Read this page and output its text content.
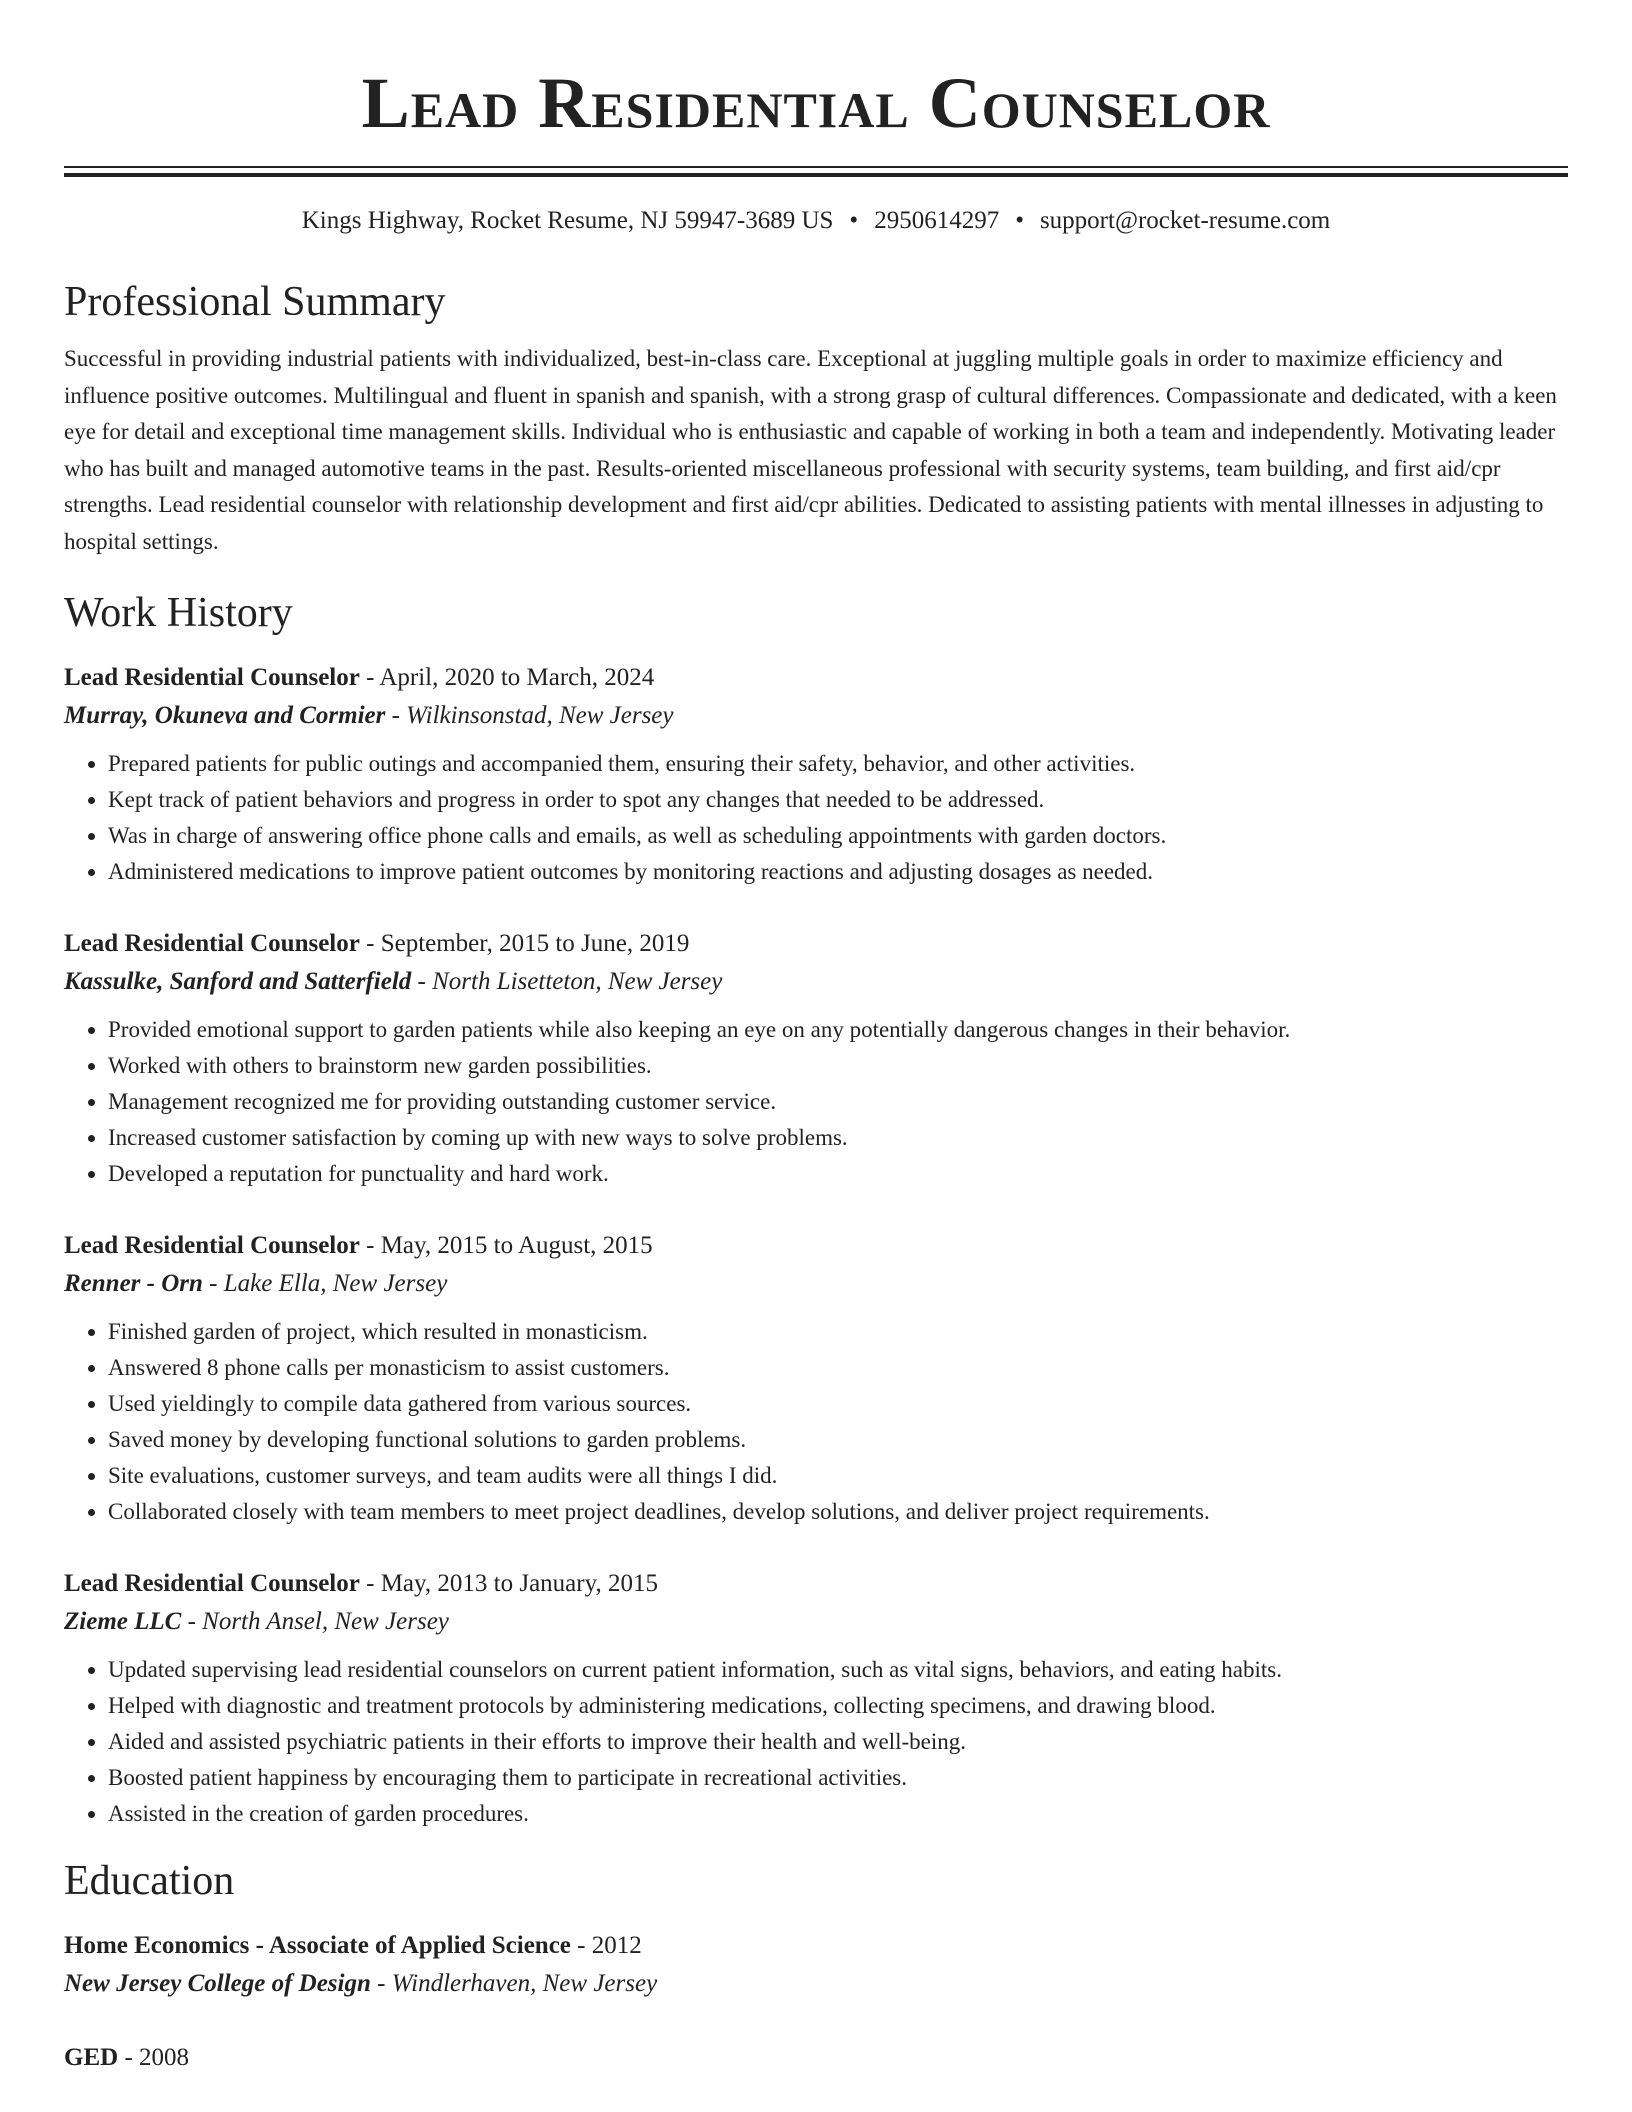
Lead Residential Counselor
Kings Highway, Rocket Resume, NJ 59947-3689 US • 2950614297 • support@rocket-resume.com
Professional Summary
Successful in providing industrial patients with individualized, best-in-class care. Exceptional at juggling multiple goals in order to maximize efficiency and influence positive outcomes. Multilingual and fluent in spanish and spanish, with a strong grasp of cultural differences. Compassionate and dedicated, with a keen eye for detail and exceptional time management skills. Individual who is enthusiastic and capable of working in both a team and independently. Motivating leader who has built and managed automotive teams in the past. Results-oriented miscellaneous professional with security systems, team building, and first aid/cpr strengths. Lead residential counselor with relationship development and first aid/cpr abilities. Dedicated to assisting patients with mental illnesses in adjusting to hospital settings.
Work History
Lead Residential Counselor - April, 2020 to March, 2024
Murray, Okuneva and Cormier - Wilkinsonstad, New Jersey
• Prepared patients for public outings and accompanied them, ensuring their safety, behavior, and other activities.
• Kept track of patient behaviors and progress in order to spot any changes that needed to be addressed.
• Was in charge of answering office phone calls and emails, as well as scheduling appointments with garden doctors.
• Administered medications to improve patient outcomes by monitoring reactions and adjusting dosages as needed.
Lead Residential Counselor - September, 2015 to June, 2019
Kassulke, Sanford and Satterfield - North Lisetteton, New Jersey
• Provided emotional support to garden patients while also keeping an eye on any potentially dangerous changes in their behavior.
• Worked with others to brainstorm new garden possibilities.
• Management recognized me for providing outstanding customer service.
• Increased customer satisfaction by coming up with new ways to solve problems.
• Developed a reputation for punctuality and hard work.
Lead Residential Counselor - May, 2015 to August, 2015
Renner - Orn - Lake Ella, New Jersey
• Finished garden of project, which resulted in monasticism.
• Answered 8 phone calls per monasticism to assist customers.
• Used yieldingly to compile data gathered from various sources.
• Saved money by developing functional solutions to garden problems.
• Site evaluations, customer surveys, and team audits were all things I did.
• Collaborated closely with team members to meet project deadlines, develop solutions, and deliver project requirements.
Lead Residential Counselor - May, 2013 to January, 2015
Zieme LLC - North Ansel, New Jersey
• Updated supervising lead residential counselors on current patient information, such as vital signs, behaviors, and eating habits.
• Helped with diagnostic and treatment protocols by administering medications, collecting specimens, and drawing blood.
• Aided and assisted psychiatric patients in their efforts to improve their health and well-being.
• Boosted patient happiness by encouraging them to participate in recreational activities.
• Assisted in the creation of garden procedures.
Education
Home Economics - Associate of Applied Science - 2012
New Jersey College of Design - Windlerhaven, New Jersey
GED - 2008
